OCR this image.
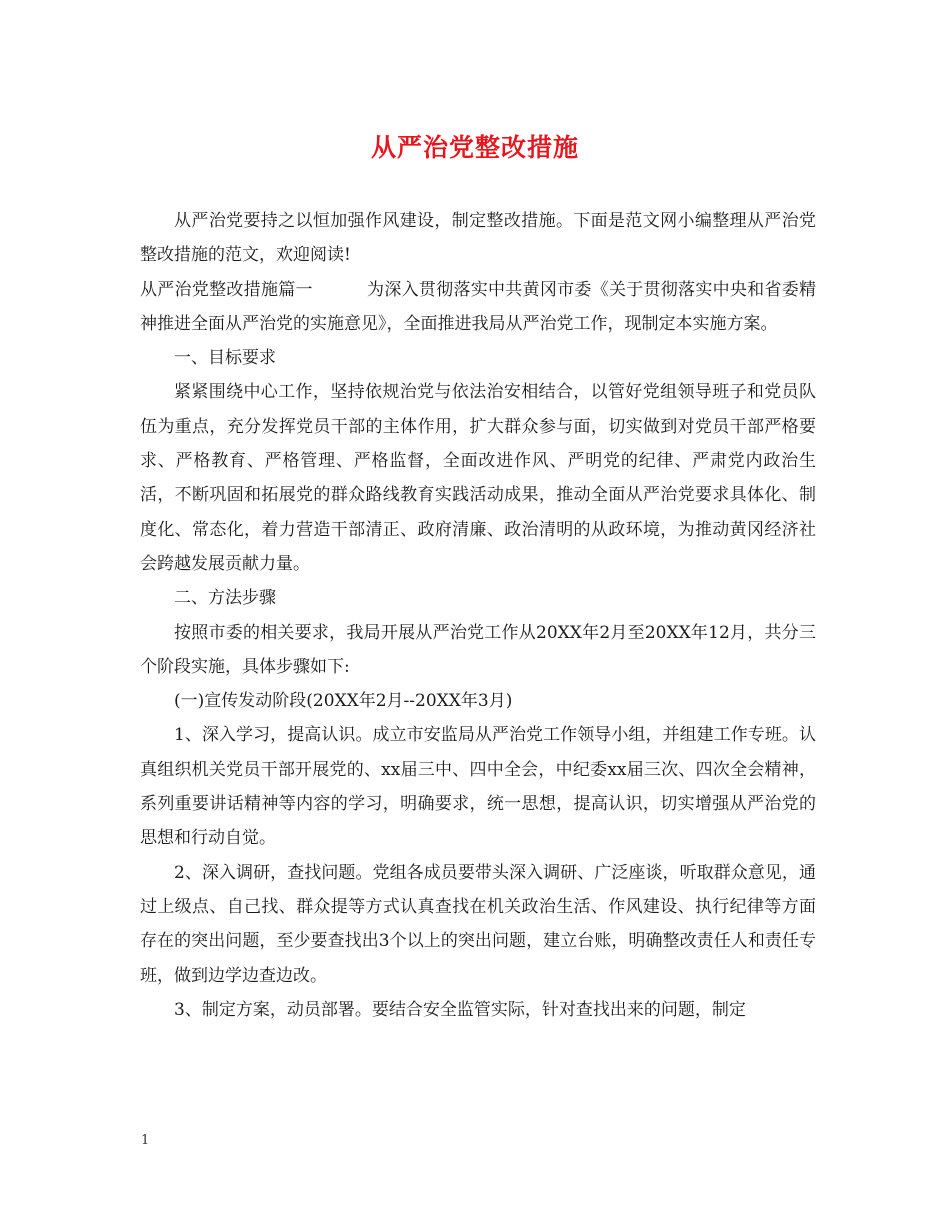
从严治党整改措施

从严治党要持之以恒加强作风建设，制定整改措施。下面是范文网小编整理从严治党整改措施的范文，欢迎阅读!

从严治党整改措施篇一	为深入贯彻落实中共黄冈市委《关于贯彻落实中央和省委精神推进全面从严治党的实施意见》，全面推进我局从严治党工作，现制定本实施方案。

一、目标要求

紧紧围绕中心工作，坚持依规治党与依法治安相结合，以管好党组领导班子和党员队伍为重点，充分发挥党员干部的主体作用，扩大群众参与面，切实做到对党员干部严格要求、严格教育、严格管理、严格监督，全面改进作风、严明党的纪律、严肃党内政治生活，不断巩固和拓展党的群众路线教育实践活动成果，推动全面从严治党要求具体化、制度化、常态化，着力营造干部清正、政府清廉、政治清明的从政环境，为推动黄冈经济社会跨越发展贡献力量。

二、方法步骤

按照市委的相关要求，我局开展从严治党工作从20XX年2月至20XX年12月，共分三个阶段实施，具体步骤如下:

(一)宣传发动阶段(20XX年2月--20XX年3月)

1、深入学习，提高认识。成立市安监局从严治党工作领导小组，并组建工作专班。认真组织机关党员干部开展党的、xx届三中、四中全会，中纪委xx届三次、四次全会精神，系列重要讲话精神等内容的学习，明确要求，统一思想，提高认识，切实增强从严治党的思想和行动自觉。

2、深入调研，查找问题。党组各成员要带头深入调研、广泛座谈，听取群众意见，通过上级点、自己找、群众提等方式认真查找在机关政治生活、作风建设、执行纪律等方面存在的突出问题，至少要查找出3个以上的突出问题，建立台账，明确整改责任人和责任专班，做到边学边查边改。

3、制定方案，动员部署。要结合安全监管实际，针对查找出来的问题，制定

1
